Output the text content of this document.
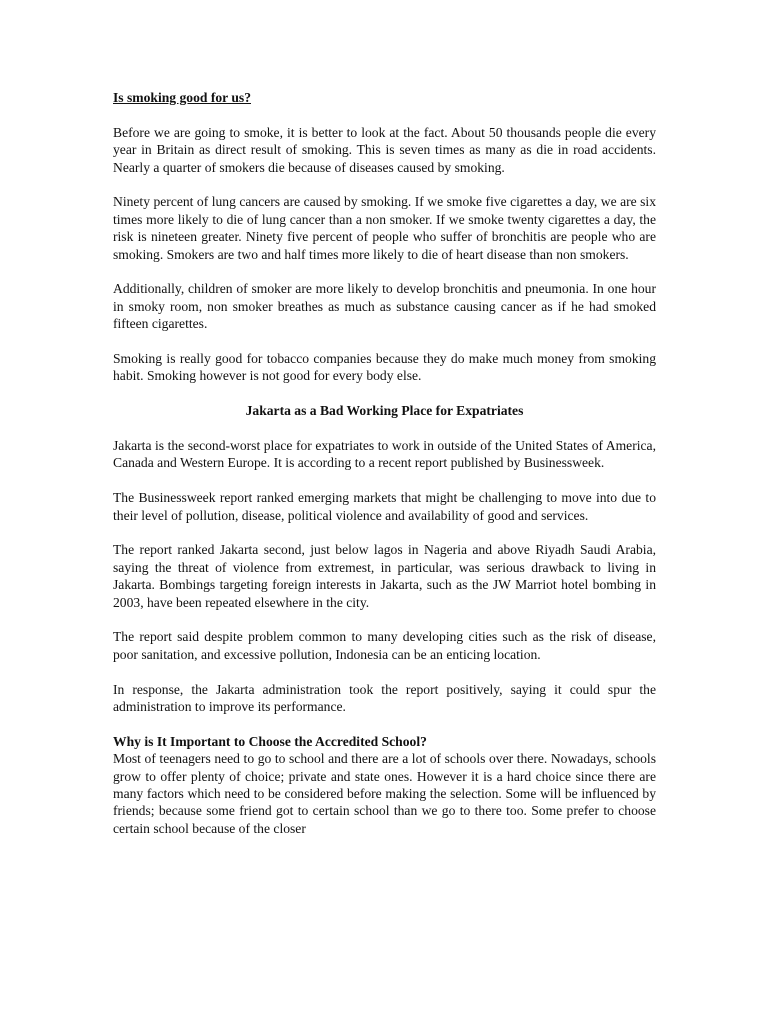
Is smoking good for us?

Before we are going to smoke, it is better to look at the fact. About 50 thousands people die every year in Britain as direct result of smoking. This is seven times as many as die in road accidents. Nearly a quarter of smokers die because of diseases caused by smoking.

Ninety percent of lung cancers are caused by smoking. If we smoke five cigarettes a day, we are six times more likely to die of lung cancer than a non smoker. If we smoke twenty cigarettes a day, the risk is nineteen greater. Ninety five percent of people who suffer of bronchitis are people who are smoking. Smokers are two and half times more likely to die of heart disease than non smokers.

Additionally, children of smoker are more likely to develop bronchitis and pneumonia. In one hour in smoky room, non smoker breathes as much as substance causing cancer as if he had smoked fifteen cigarettes.

Smoking is really good for tobacco companies because they do make much money from smoking habit. Smoking however is not good for every body else.

Jakarta as a Bad Working Place for Expatriates

Jakarta is the second-worst place for expatriates to work in outside of the United States of America, Canada and Western Europe. It is according to a recent report published by Businessweek.

The Businessweek report ranked emerging markets that might be challenging to move into due to their level of pollution, disease, political violence and availability of good and services.

The report ranked Jakarta second, just below lagos in Nageria and above Riyadh Saudi Arabia, saying the threat of violence from extremest, in particular, was serious drawback to living in Jakarta. Bombings targeting foreign interests in Jakarta, such as the JW Marriot hotel bombing in 2003, have been repeated elsewhere in the city.

The report said despite problem common to many developing cities such as the risk of disease, poor sanitation, and excessive pollution, Indonesia can be an enticing location.

In response, the Jakarta administration took the report positively, saying it could spur the administration to improve its performance.

Why is It Important to Choose the Accredited School?

Most of teenagers need to go to school and there are a lot of schools over there. Nowadays, schools grow to offer plenty of choice; private and state ones. However it is a hard choice since there are many factors which need to be considered before making the selection. Some will be influenced by friends; because some friend got to certain school than we go to there too. Some prefer to choose certain school because of the closer
